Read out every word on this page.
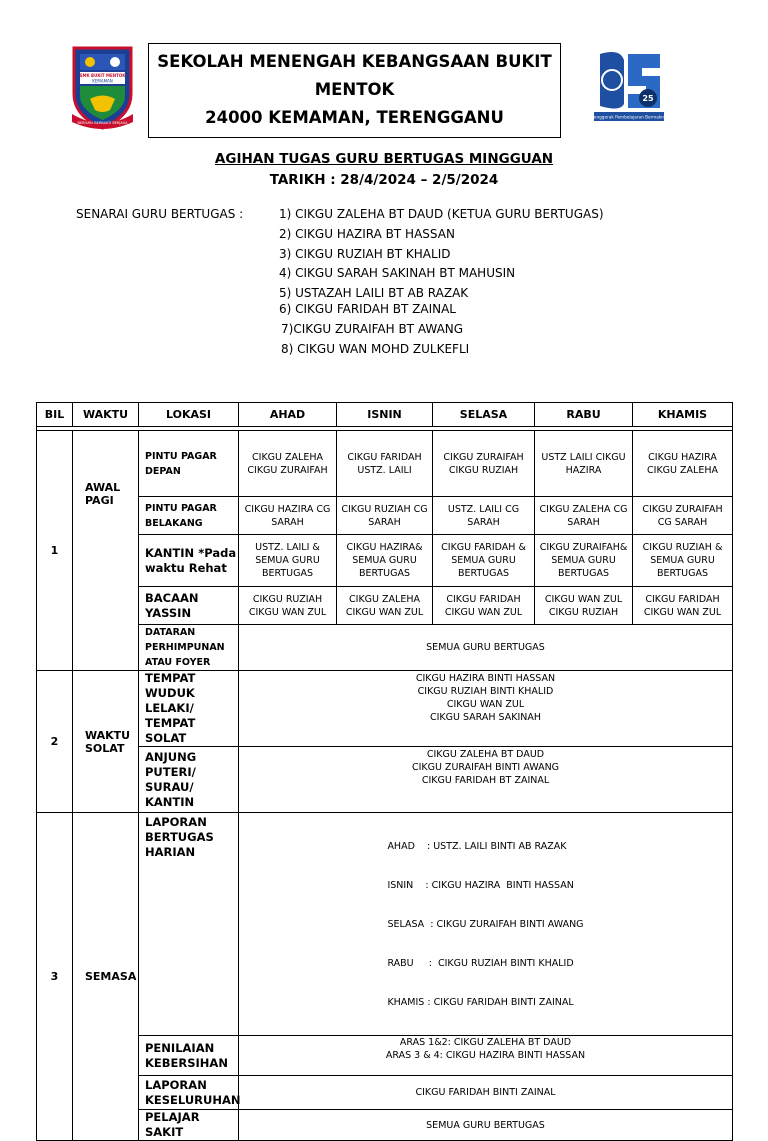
SMK BUKIT MENTOK
KEMAMAN
BERILMU BERBAKTI BERJASA
SEKOLAH MENENGAH KEBANGSAAN BUKIT
MENTOK
24000 KEMAMAN, TERENGGANU
25
Penggerak Pembelajaran Bermakna
AGIHAN TUGAS GURU BERTUGAS MINGGUAN
TARIKH : 28/4/2024 – 2/5/2024
SENARAI GURU BERTUGAS :	1) CIKGU ZALEHA BT DAUD (KETUA GURU BERTUGAS)
2) CIKGU HAZIRA BT HASSAN
3) CIKGU RUZIAH BT KHALID
4) CIKGU SARAH SAKINAH BT MAHUSIN
5) USTAZAH LAILI BT AB RAZAK
6) CIKGU FARIDAH BT ZAINAL
7)CIKGU ZURAIFAH BT AWANG
8) CIKGU WAN MOHD ZULKEFLI
BIL	WAKTU	LOKASI	AHAD	ISNIN	SELASA	RABU	KHAMIS

1	AWAL PAGI	PINTU PAGAR DEPAN	CIKGU ZALEHA CIKGU ZURAIFAH	CIKGU FARIDAH USTZ. LAILI	CIKGU ZURAIFAH CIKGU RUZIAH	USTZ LAILI CIKGU HAZIRA	CIKGU HAZIRA CIKGU ZALEHA
		PINTU PAGAR BELAKANG	CIKGU HAZIRA CG SARAH	CIKGU RUZIAH CG SARAH	USTZ. LAILI CG SARAH	CIKGU ZALEHA CG SARAH	CIKGU ZURAIFAH CG SARAH
		KANTIN *Pada waktu Rehat	USTZ. LAILI & SEMUA GURU BERTUGAS	CIKGU HAZIRA& SEMUA GURU BERTUGAS	CIKGU FARIDAH & SEMUA GURU BERTUGAS	CIKGU ZURAIFAH& SEMUA GURU BERTUGAS	CIKGU RUZIAH & SEMUA GURU BERTUGAS
		BACAAN YASSIN	CIKGU RUZIAH CIKGU WAN ZUL	CIKGU ZALEHA CIKGU WAN ZUL	CIKGU FARIDAH CIKGU WAN ZUL	CIKGU WAN ZUL CIKGU RUZIAH	CIKGU FARIDAH CIKGU WAN ZUL
		DATARAN PERHIMPUNAN ATAU FOYER	SEMUA GURU BERTUGAS				
2	WAKTU SOLAT	TEMPAT WUDUK LELAKI/ TEMPAT SOLAT	CIKGU HAZIRA BINTI HASSAN
CIKGU RUZIAH BINTI KHALID
CIKGU WAN ZUL
CIKGU SARAH SAKINAH				

		ANJUNG PUTERI/ SURAU/ KANTIN	CIKGU ZALEHA BT DAUD
CIKGU ZURAIFAH BINTI AWANG
CIKGU FARIDAH BT ZAINAL				

3	SEMASA	LAPORAN BERTUGAS HARIAN	AHAD    : USTZ. LAILI BINTI AB RAZAK

ISNIN    : CIKGU HAZIRA  BINTI HASSAN

SELASA  : CIKGU ZURAIFAH BINTI AWANG

RABU     :  CIKGU RUZIAH BINTI KHALID

KHAMIS : CIKGU FARIDAH BINTI ZAINAL				

		PENILAIAN KEBERSIHAN	ARAS 1&2: CIKGU ZALEHA BT DAUD
ARAS 3 & 4: CIKGU HAZIRA BINTI HASSAN				

		LAPORAN KESELURUHAN	CIKGU FARIDAH BINTI ZAINAL				
		PELAJAR SAKIT	SEMUA GURU BERTUGAS				
